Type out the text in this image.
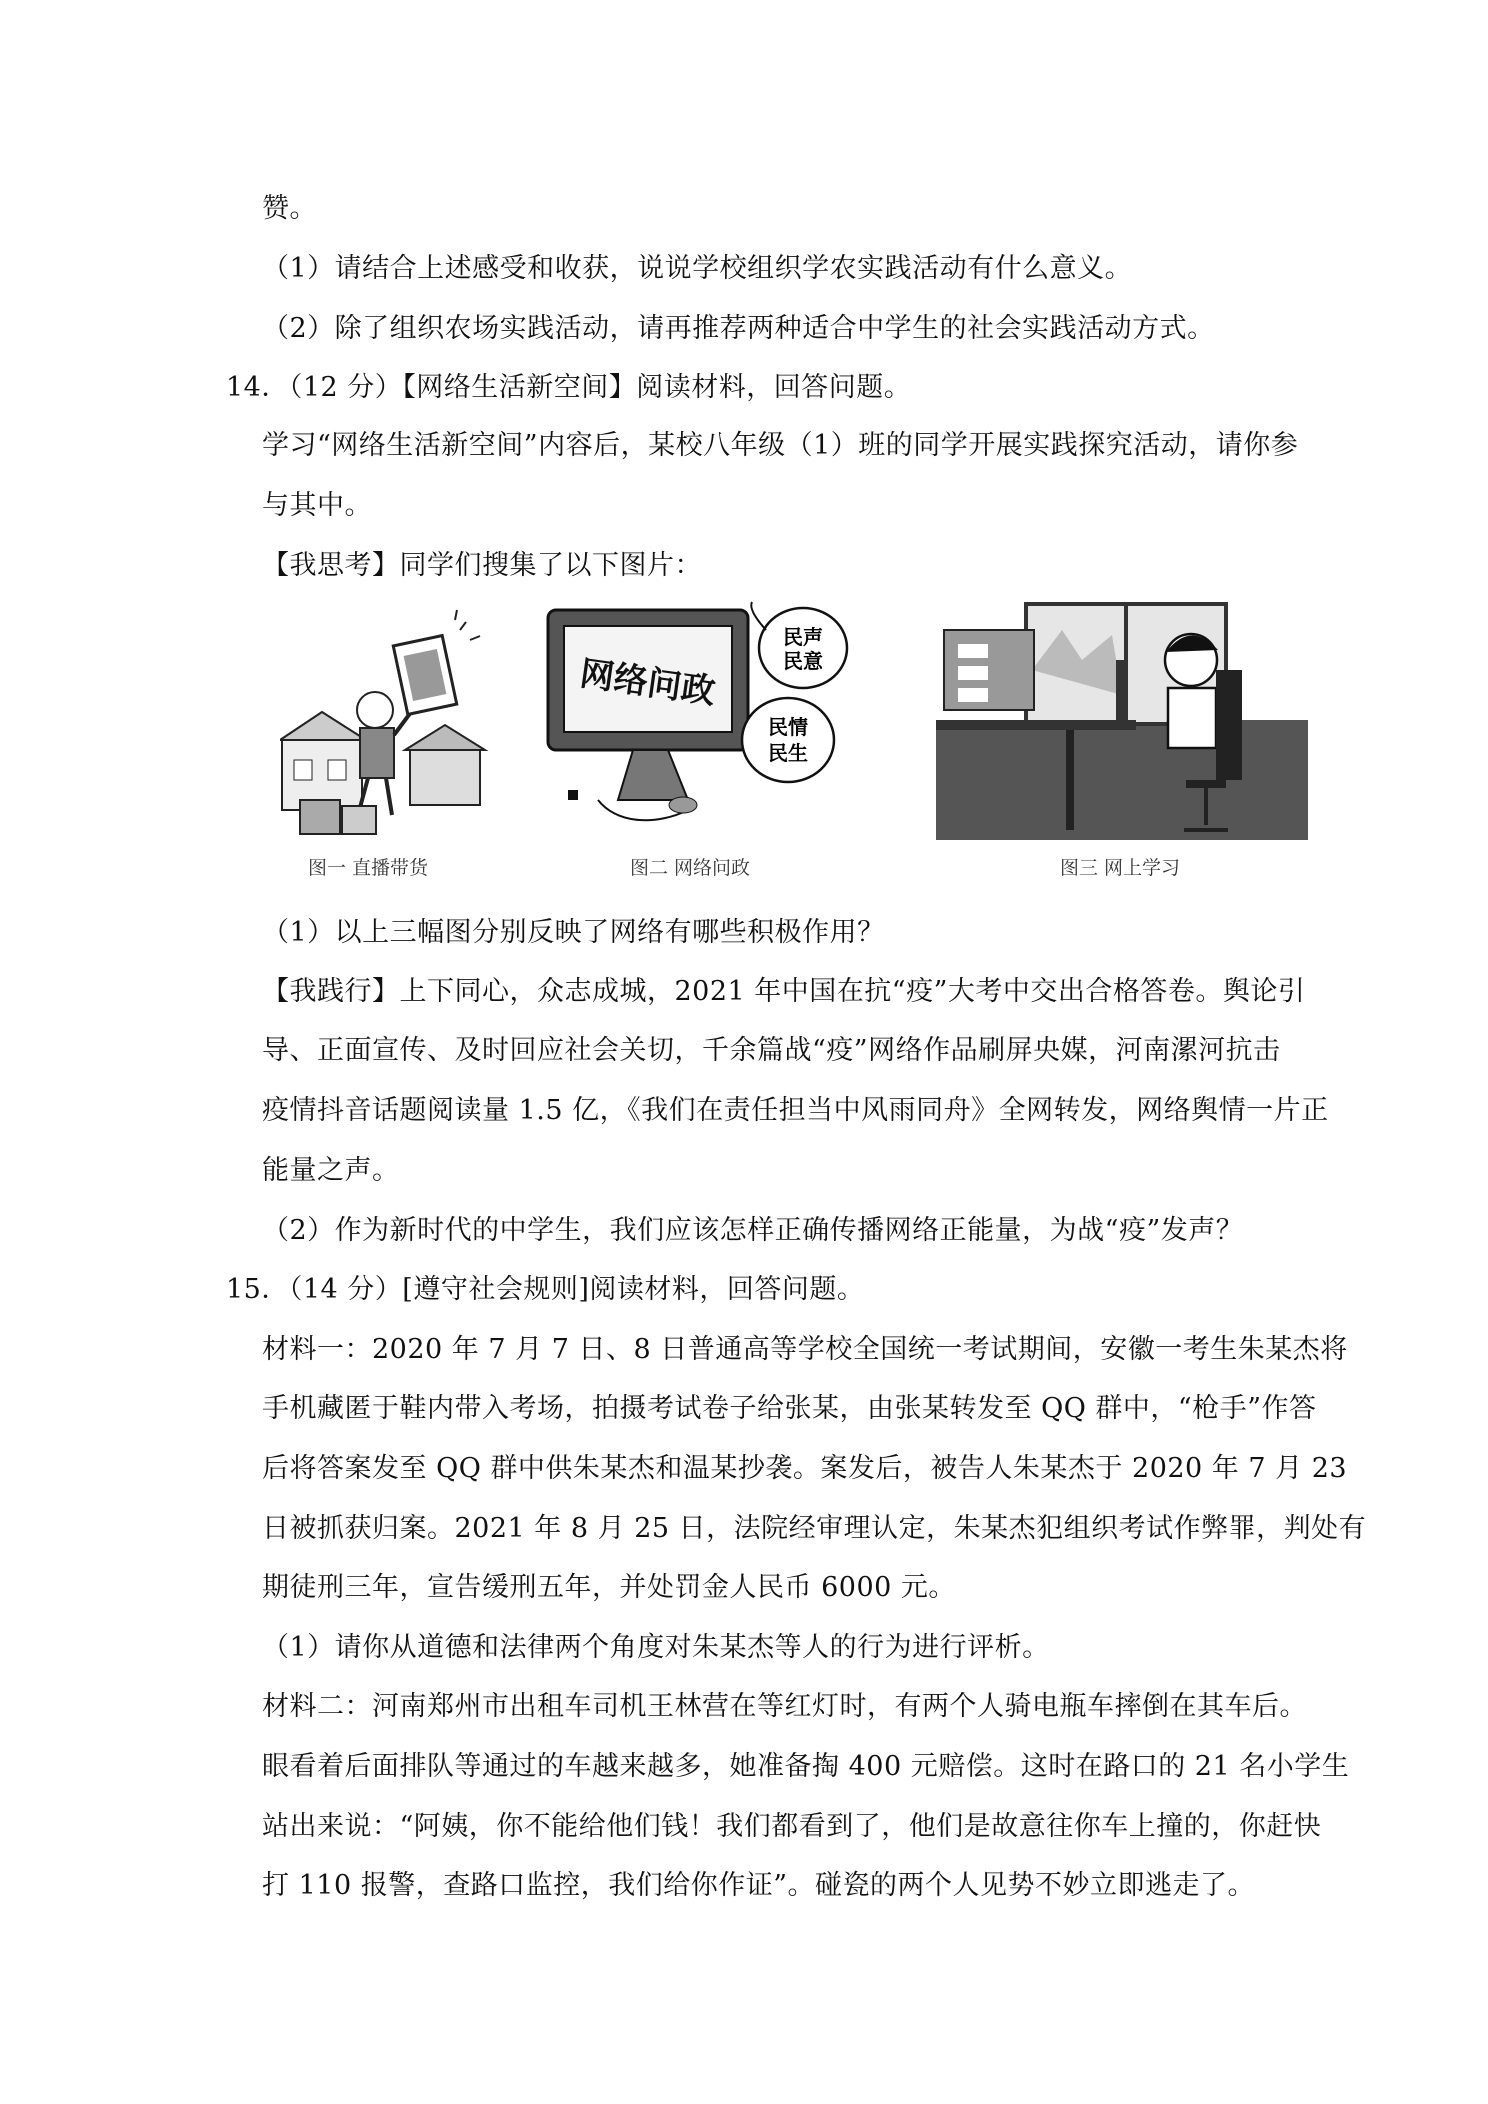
赞。
（1）请结合上述感受和收获，说说学校组织学农实践活动有什么意义。
（2）除了组织农场实践活动，请再推荐两种适合中学生的社会实践活动方式。
14．（12 分）【网络生活新空间】阅读材料，回答问题。
学习“网络生活新空间”内容后，某校八年级（1）班的同学开展实践探究活动，请你参
与其中。
【我思考】同学们搜集了以下图片：
图一 直播带货
网络问政
民声
民意
民情
民生
图二 网络问政	图三 网上学习
（1）以上三幅图分别反映了网络有哪些积极作用？
【我践行】上下同心，众志成城，2021 年中国在抗“疫”大考中交出合格答卷。舆论引
导、正面宣传、及时回应社会关切，千余篇战“疫”网络作品刷屏央媒，河南漯河抗击
疫情抖音话题阅读量 1.5 亿，《我们在责任担当中风雨同舟》全网转发，网络舆情一片正
能量之声。
（2）作为新时代的中学生，我们应该怎样正确传播网络正能量，为战“疫”发声？
15．（14 分）[遵守社会规则]阅读材料，回答问题。
材料一：2020 年 7 月 7 日、8 日普通高等学校全国统一考试期间，安徽一考生朱某杰将
手机藏匿于鞋内带入考场，拍摄考试卷子给张某，由张某转发至 QQ 群中，“枪手”作答
后将答案发至 QQ 群中供朱某杰和温某抄袭。案发后，被告人朱某杰于 2020 年 7 月 23
日被抓获归案。2021 年 8 月 25 日，法院经审理认定，朱某杰犯组织考试作弊罪，判处有
期徒刑三年，宣告缓刑五年，并处罚金人民币 6000 元。
（1）请你从道德和法律两个角度对朱某杰等人的行为进行评析。
材料二：河南郑州市出租车司机王林营在等红灯时，有两个人骑电瓶车摔倒在其车后。
眼看着后面排队等通过的车越来越多，她准备掏 400 元赔偿。这时在路口的 21 名小学生
站出来说：“阿姨，你不能给他们钱！我们都看到了，他们是故意往你车上撞的，你赶快
打 110 报警，查路口监控，我们给你作证”。碰瓷的两个人见势不妙立即逃走了。
